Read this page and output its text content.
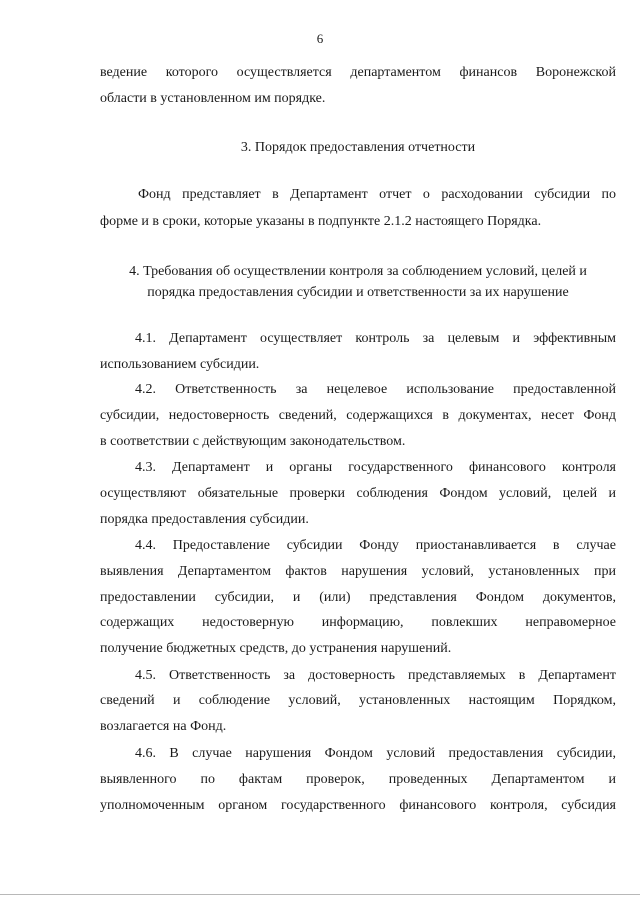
6
ведение которого осуществляется департаментом финансов Воронежской
области в установленном им порядке.
3. Порядок предоставления отчетности
Фонд представляет в Департамент отчет о расходовании субсидии по
форме и в сроки, которые указаны в подпункте 2.1.2 настоящего Порядка.
4. Требования об осуществлении контроля за соблюдением условий, целей и
порядка предоставления субсидии и ответственности за их нарушение
4.1. Департамент осуществляет контроль за целевым и эффективным
использованием субсидии.
4.2. Ответственность за нецелевое использование предоставленной
субсидии, недостоверность сведений, содержащихся в документах, несет Фонд
в соответствии с действующим законодательством.
4.3. Департамент и органы государственного финансового контроля
осуществляют обязательные проверки соблюдения Фондом условий, целей и
порядка предоставления субсидии.
4.4. Предоставление субсидии Фонду приостанавливается в случае
выявления Департаментом фактов нарушения условий, установленных при
предоставлении субсидии, и (или) представления Фондом документов,
содержащих недостоверную информацию, повлекших неправомерное
получение бюджетных средств, до устранения нарушений.
4.5. Ответственность за достоверность представляемых в Департамент
сведений и соблюдение условий, установленных настоящим Порядком,
возлагается на Фонд.
4.6. В случае нарушения Фондом условий предоставления субсидии,
выявленного по фактам проверок, проведенных Департаментом и
уполномоченным органом государственного финансового контроля, субсидия
